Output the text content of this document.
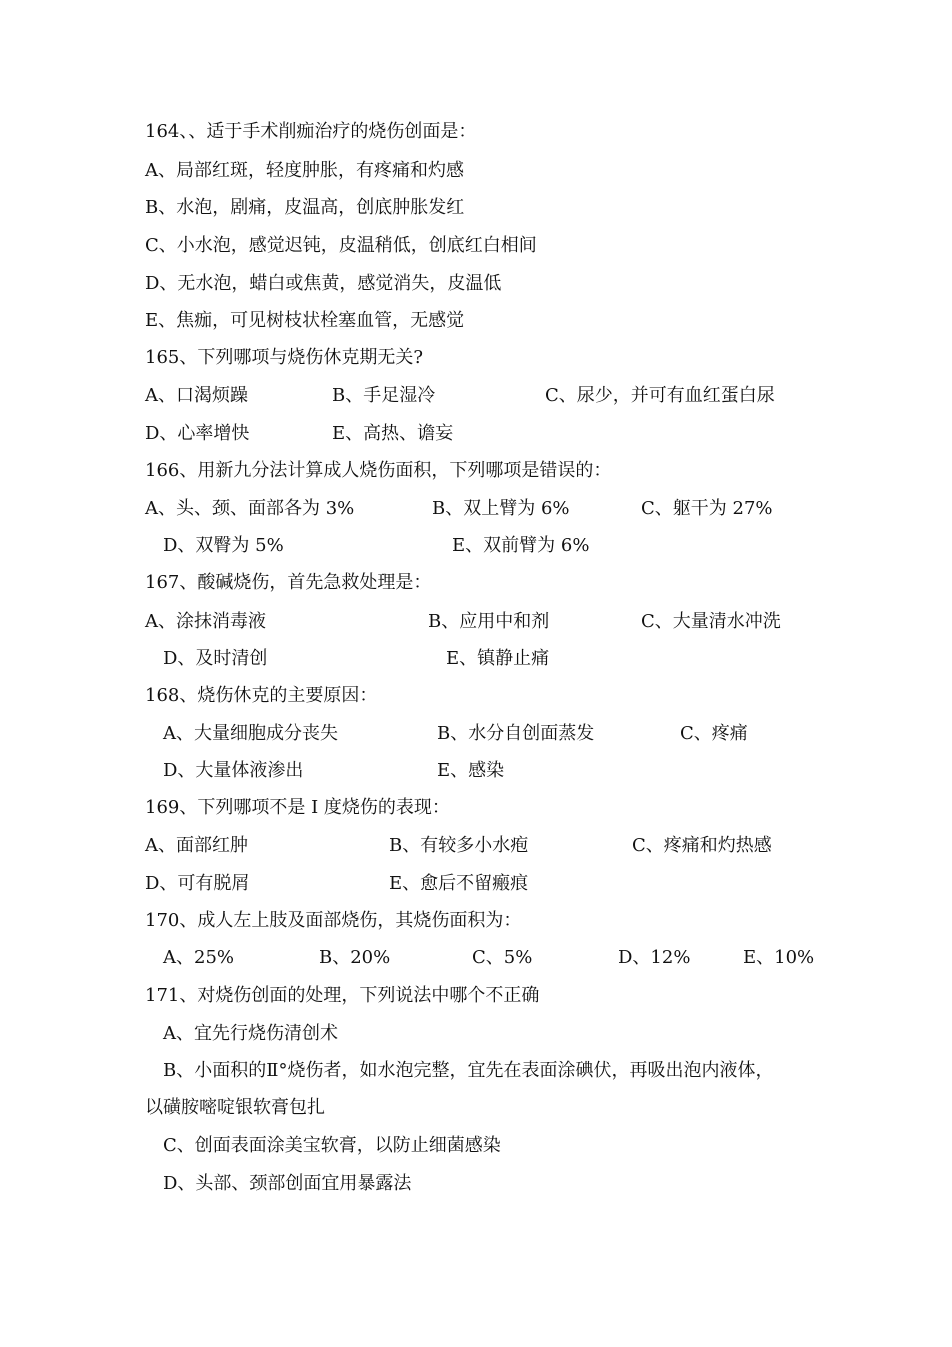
164、、适于手术削痂治疗的烧伤创面是：
A、局部红斑，轻度肿胀，有疼痛和灼感
B、水泡，剧痛，皮温高，创底肿胀发红
C、小水泡，感觉迟钝，皮温稍低，创底红白相间
D、无水泡，蜡白或焦黄，感觉消失，皮温低
E、焦痂，可见树枝状栓塞血管，无感觉
165、下列哪项与烧伤休克期无关?
A、口渴烦躁	B、手足湿冷	C、尿少，并可有血红蛋白尿
D、心率增快	E、高热、谵妄
166、用新九分法计算成人烧伤面积，下列哪项是错误的：
A、头、颈、面部各为 3%	B、双上臂为 6%	C、躯干为 27%
D、双臀为 5%	E、双前臂为 6%
167、酸碱烧伤，首先急救处理是：
A、涂抹消毒液	B、应用中和剂	C、大量清水冲洗
D、及时清创	E、镇静止痛
168、烧伤休克的主要原因：
A、大量细胞成分丧失	B、水分自创面蒸发	C、疼痛
D、大量体液渗出	E、感染
169、下列哪项不是 I 度烧伤的表现：
A、面部红肿	B、有较多小水疱	C、疼痛和灼热感
D、可有脱屑	E、愈后不留瘢痕
170、成人左上肢及面部烧伤，其烧伤面积为：
A、25%	B、20%	C、5%	D、12%	E、10%
171、对烧伤创面的处理，下列说法中哪个不正确
A、宜先行烧伤清创术
B、小面积的Ⅱ°烧伤者，如水泡完整，宜先在表面涂碘伏，再吸出泡内液体，
以磺胺嘧啶银软膏包扎
C、创面表面涂美宝软膏，以防止细菌感染
D、头部、颈部创面宜用暴露法
